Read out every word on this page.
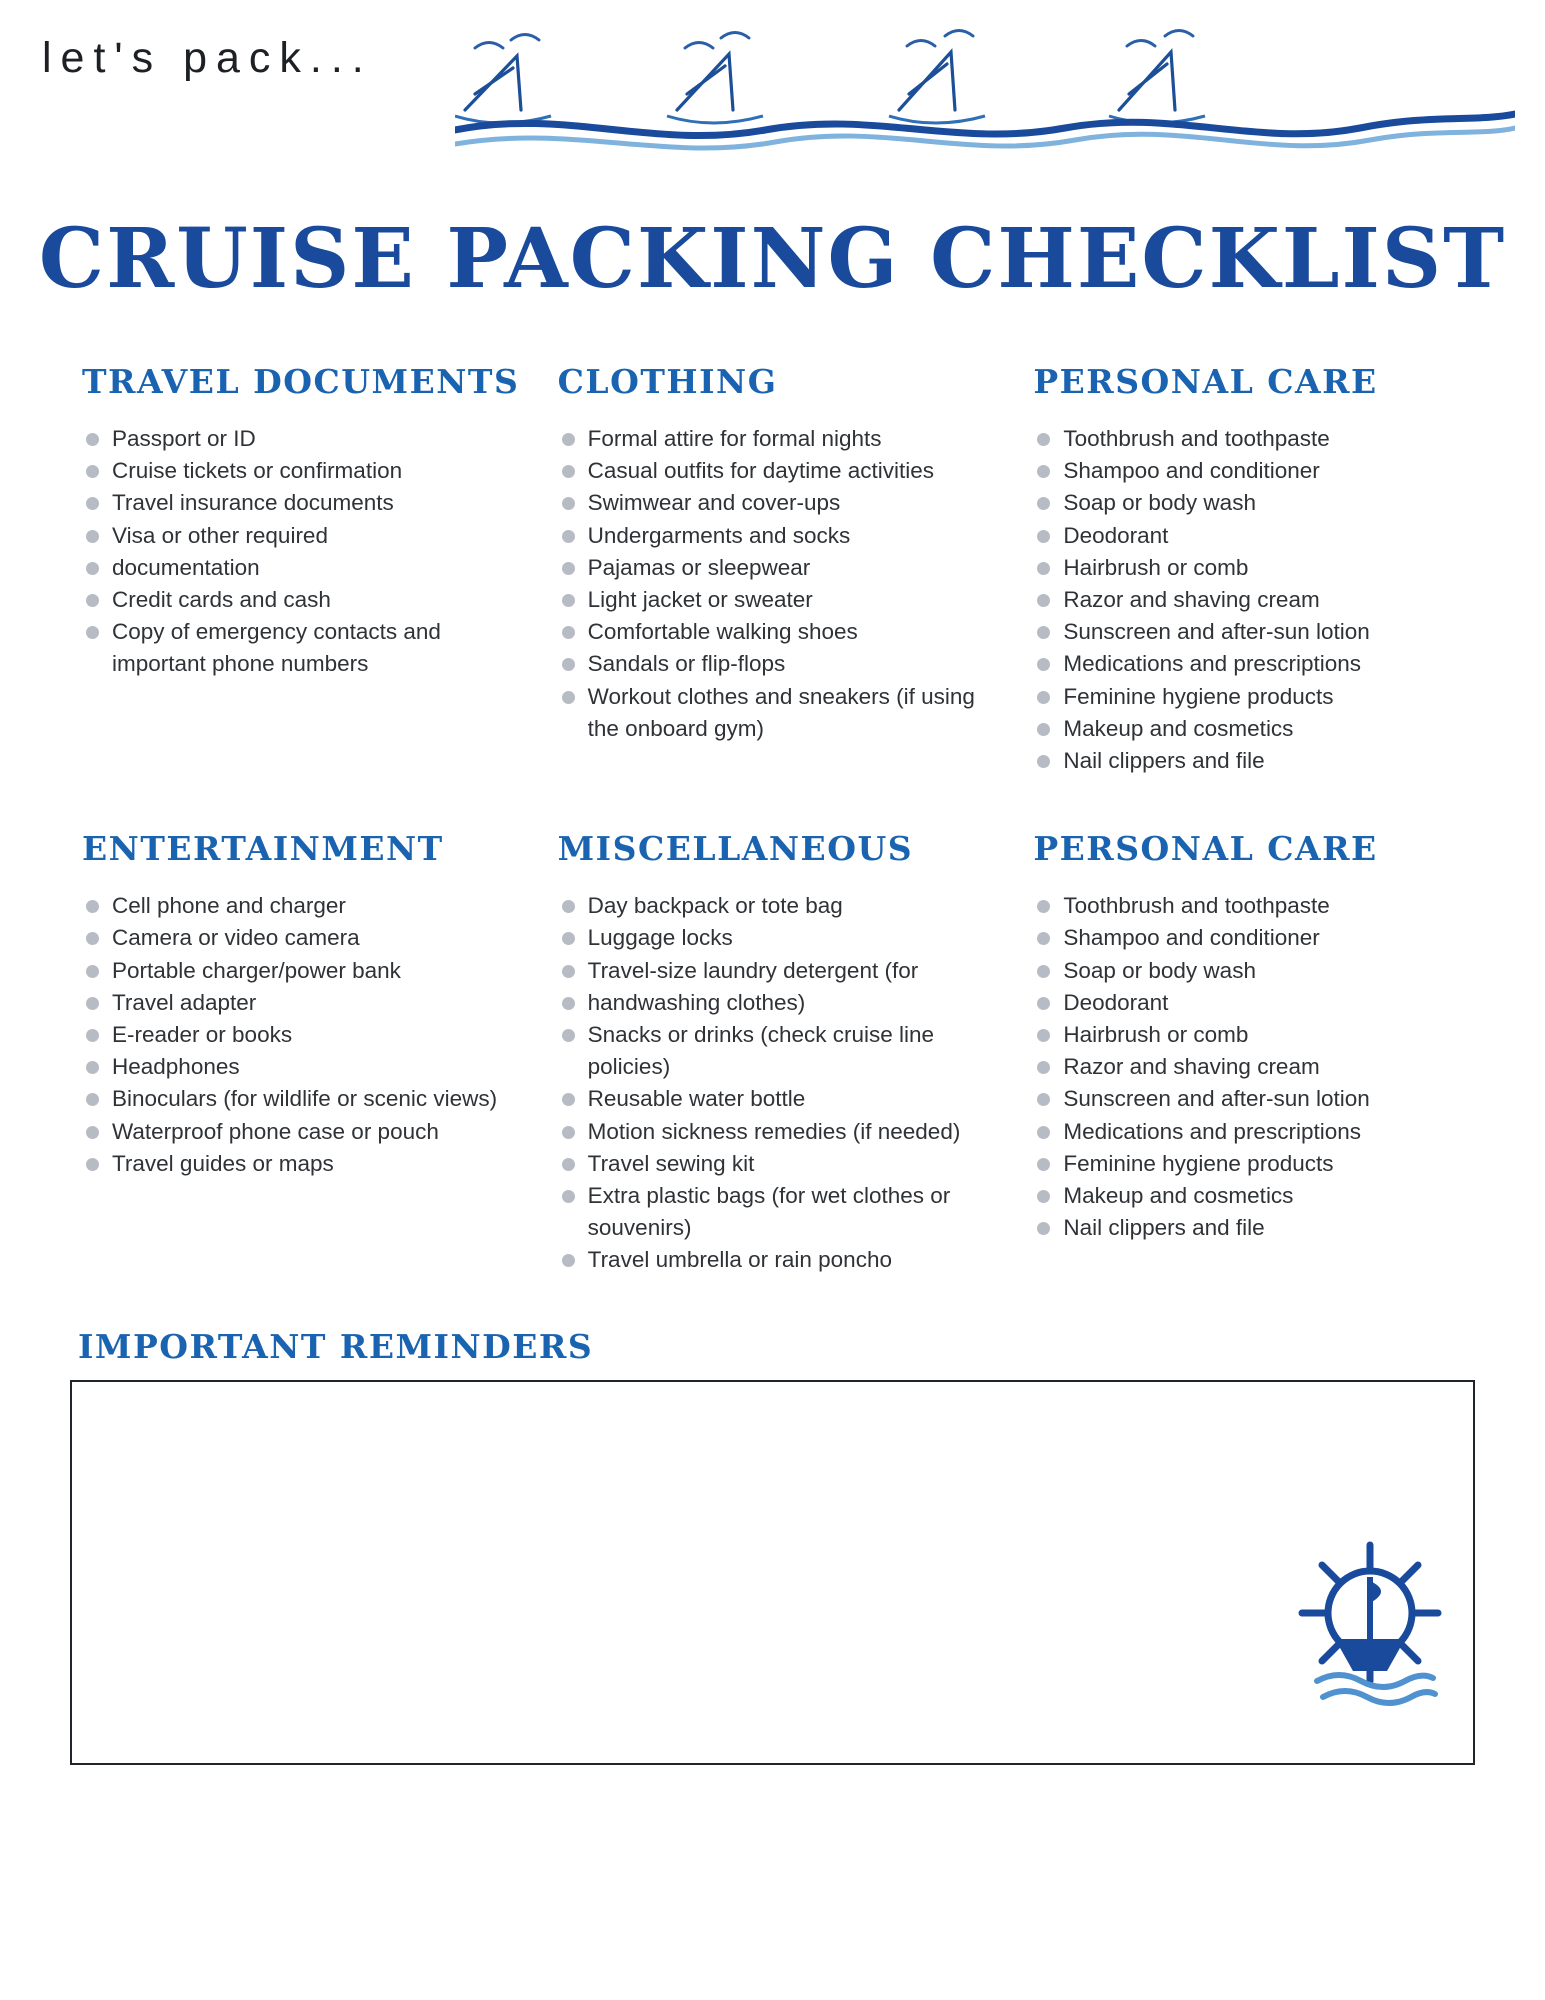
let's pack...
CRUISE PACKING CHECKLIST
TRAVEL DOCUMENTS
Passport or ID
Cruise tickets or confirmation
Travel insurance documents
Visa or other required
documentation
Credit cards and cash
Copy of emergency contacts and important phone numbers
CLOTHING
Formal attire for formal nights
Casual outfits for daytime activities
Swimwear and cover-ups
Undergarments and socks
Pajamas or sleepwear
Light jacket or sweater
Comfortable walking shoes
Sandals or flip-flops
Workout clothes and sneakers (if using the onboard gym)
PERSONAL CARE
Toothbrush and toothpaste
Shampoo and conditioner
Soap or body wash
Deodorant
Hairbrush or comb
Razor and shaving cream
Sunscreen and after-sun lotion
Medications and prescriptions
Feminine hygiene products
Makeup and cosmetics
Nail clippers and file
ENTERTAINMENT
Cell phone and charger
Camera or video camera
Portable charger/power bank
Travel adapter
E-reader or books
Headphones
Binoculars (for wildlife or scenic views)
Waterproof phone case or pouch
Travel guides or maps
MISCELLANEOUS
Day backpack or tote bag
Luggage locks
Travel-size laundry detergent (for
handwashing clothes)
Snacks or drinks (check cruise line policies)
Reusable water bottle
Motion sickness remedies (if needed)
Travel sewing kit
Extra plastic bags (for wet clothes or souvenirs)
Travel umbrella or rain poncho
PERSONAL CARE
Toothbrush and toothpaste
Shampoo and conditioner
Soap or body wash
Deodorant
Hairbrush or comb
Razor and shaving cream
Sunscreen and after-sun lotion
Medications and prescriptions
Feminine hygiene products
Makeup and cosmetics
Nail clippers and file
IMPORTANT REMINDERS
